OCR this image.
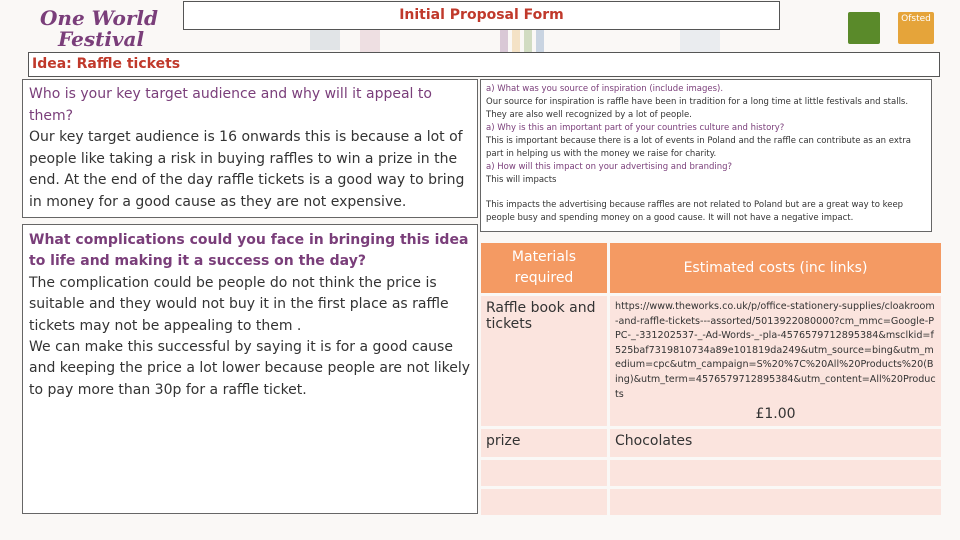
One World
Festival
Initial Proposal Form	Ofsted
Idea: Raffle tickets

Who is your key target audience and why will it appeal to them?

Our key target audience is 16 onwards this is because a lot of people like taking a risk in buying raffles to win a prize in the end. At the end of the day raffle tickets is a good way to bring in money for a good cause as they are not expensive.

What complications could you face in bringing this idea to life and making it a success on the day?

The complication could be people do not think the price is suitable and they would not buy it in the first place as raffle tickets may not be appealing to them .

We can make this successful by saying it is for a good cause and keeping the price a lot lower because people are not likely to pay more than 30p for a raffle ticket.

a) What was you source of inspiration (include images).
Our source for inspiration is raffle have been in tradition for a long time at little festivals and stalls. They are also well recognized by a lot of people.
a) Why is this an important part of your countries culture and history?
This is important because there is a lot of events in Poland and the raffle can contribute as an extra part in helping us with the money we raise for charity.
a) How will this impact on your advertising and branding?
This will impacts
This impacts the advertising because raffles are not related to Poland but are a great way to keep people busy and spending money on a good cause. It will not have a negative impact.
Materials required	Estimated costs (inc links)
Raffle book and tickets	https://www.theworks.co.uk/p/office-stationery-supplies/cloakroom-and-raffle-tickets---assorted/5013922080000?cm_mmc=Google-PPC-_-331202537-_-Ad-Words-_-pla-4576579712895384&msclkid=f525baf7319810734a89e101819da249&utm_source=bing&utm_medium=cpc&utm_campaign=S%20%7C%20All%20Products%20(Bing)&utm_term=4576579712895384&utm_content=All%20Products
£1.00

prize	Chocolates
